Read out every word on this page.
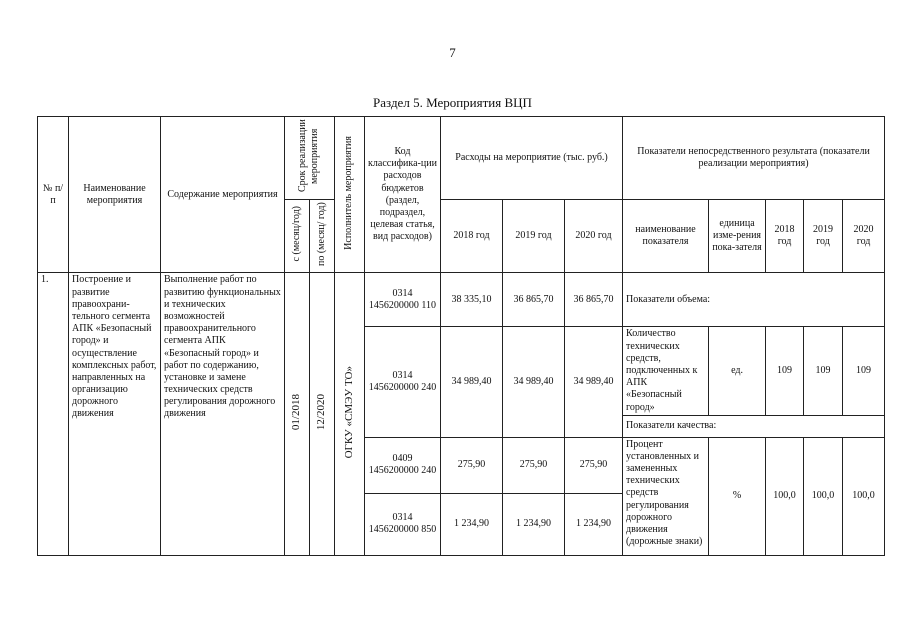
7
Раздел 5. Мероприятия ВЦП
№ п/п	Наименование мероприятия	Содержание мероприятия	Срок реализации мероприятия		Исполнитель мероприятия	Код классифика-ции расходов бюджетов (раздел, подраздел, целевая статья, вид расходов)	Расходы на мероприятие (тыс. руб.)			Показатели непосредственного результата (показатели реализации мероприятия)				
			с (месяц/год)	по (месяц/ год)			2018 год	2019 год	2020 год	наименование показателя	единица изме-рения пока-зателя	2018 год	2019 год	2020 год
1.	Построение и развитие правоохрани-тельного сегмента АПК «Безопасный город» и осуществление комплексных работ, направленных на организацию дорожного движения	Выполнение работ по развитию функциональных и технических возможностей правоохранительного сегмента АПК «Безопасный город» и работ по содержанию, установке и замене технических средств регулирования дорожного движения	01/2018	12/2020	ОГКУ «СМЭУ ТО»	0314 1456200000 110	38 335,10	36 865,70	36 865,70	Показатели объема:				
						0314 1456200000 240	34 989,40	34 989,40	34 989,40	Количество технических средств, подключенных к АПК «Безопасный город»	ед.	109	109	109
										Показатели качества:				
						0409 1456200000 240	275,90	275,90	275,90	Процент установленных и замененных технических средств регулирования дорожного движения (дорожные знаки)	%	100,0	100,0	100,0
						0314 1456200000 850	1 234,90	1 234,90	1 234,90					
